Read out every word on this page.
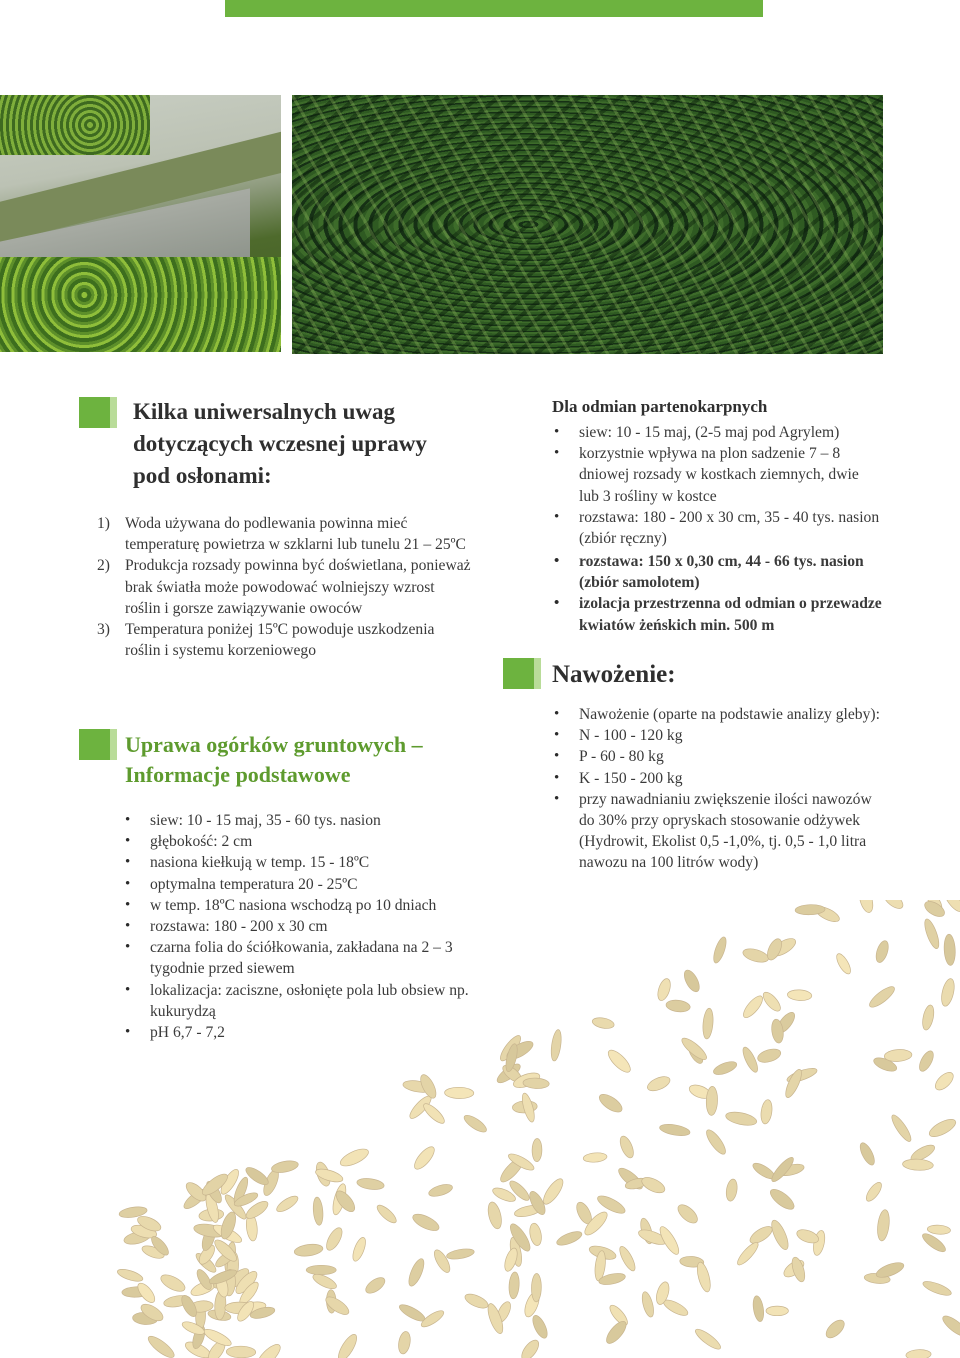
Kilka uniwersalnych uwag dotyczących wczesnej uprawy pod osłonami:
1) Woda używana do podlewania powinna mieć temperaturę powietrza w szklarni lub tunelu 21 – 25ºC
2) Produkcja rozsady powinna być doświetlana, ponieważ brak światła może powodować wolniejszy wzrost roślin i gorsze zawiązywanie owoców
3) Temperatura poniżej 15ºC powoduje uszkodzenia roślin i systemu korzeniowego
Uprawa ogórków gruntowych – Informacje podstawowe
• siew: 10 - 15 maj, 35 - 60 tys. nasion
• głębokość: 2 cm
• nasiona kiełkują w temp. 15 - 18ºC
• optymalna temperatura 20 - 25ºC
• w temp. 18ºC nasiona wschodzą po 10 dniach
• rozstawa: 180 - 200 x 30 cm
• czarna folia do ściółkowania, zakładana na 2 – 3 tygodnie przed siewem
• lokalizacja: zaciszne, osłonięte pola lub obsiew np. kukurydzą
• pH 6,7 - 7,2
Dla odmian partenokarpnych
• siew: 10 - 15 maj, (2-5 maj pod Agrylem)
• korzystnie wpływa na plon sadzenie 7 – 8 dniowej rozsady w kostkach ziemnych, dwie lub 3 rośliny w kostce
• rozstawa: 180 - 200 x 30 cm, 35 - 40 tys. nasion (zbiór ręczny)
• rozstawa: 150 x 0,30 cm, 44 - 66 tys. nasion (zbiór samolotem)
• izolacja przestrzenna od odmian o przewadze kwiatów żeńskich min. 500 m
Nawożenie:
• Nawożenie (oparte na podstawie analizy gleby):
• N - 100 - 120 kg
• P - 60 - 80 kg
• K - 150 - 200 kg
• przy nawadnianiu zwiększenie ilości nawozów do 30% przy opryskach stosowanie odżywek (Hydrowit, Ekolist 0,5 -1,0%, tj. 0,5 - 1,0 litra nawozu na 100 litrów wody)
